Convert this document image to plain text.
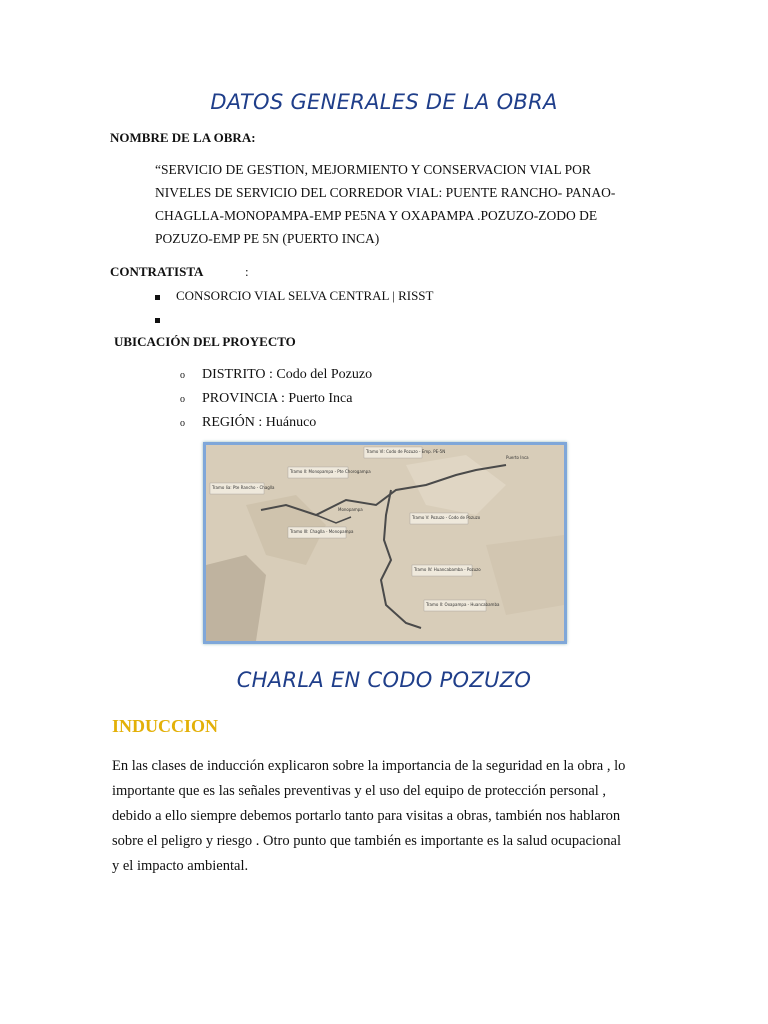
DATOS GENERALES DE LA OBRA
NOMBRE DE LA OBRA:
“SERVICIO DE GESTION, MEJORMIENTO Y CONSERVACION VIAL POR
NIVELES DE SERVICIO DEL CORREDOR VIAL: PUENTE RANCHO- PANAO-
CHAGLLA-MONOPAMPA-EMP PE5NA Y OXAPAMPA .POZUZO-ZODO DE
POZUZO-EMP PE 5N (PUERTO INCA)
CONTRATISTA	:
CONSORCIO VIAL SELVA CENTRAL | RISST
UBICACIÓN DEL PROYECTO
o DISTRITO : Codo del Pozuzo
o PROVINCIA : Puerto Inca
o REGIÓN : Huánuco
Tramo VI: Codo de Pozuzo - Emp. PE-5N
Tramo II: Monopampa - Pte Chorogampa
Tramo Iia: Pte Rancho - Chaglla
Tramo III: Chaglla - Monopampa
Tramo V: Pozuzo - Codo de Pozuzo
Tramo IV: Huancabamba - Pozuzo
Tramo II: Oxapampa - Huancabamba
Monopampa
Puerto Inca
CHARLA EN CODO POZUZO
INDUCCION
En las clases de inducción explicaron sobre la importancia de la seguridad en la obra , lo
importante que es las señales preventivas y el uso del equipo de protección personal ,
debido a ello siempre debemos portarlo tanto para visitas a obras, también nos hablaron
sobre el peligro y riesgo . Otro punto que también es importante es la salud ocupacional
y el impacto ambiental.
